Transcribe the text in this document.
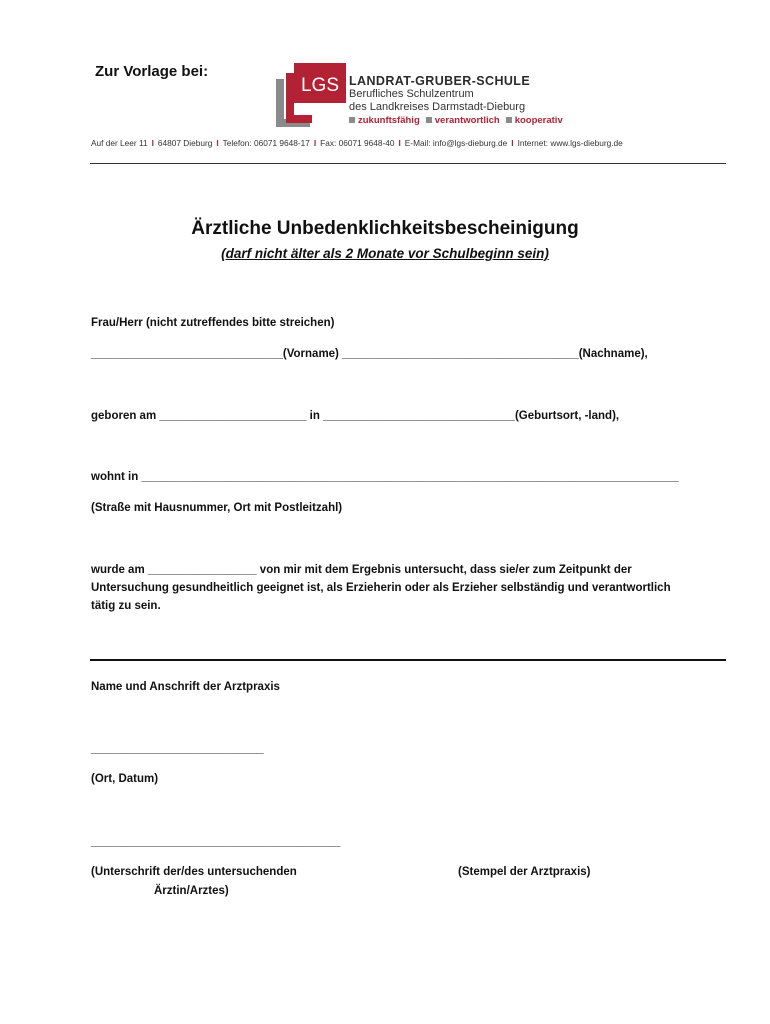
Zur Vorlage bei:
LGS LANDRAT-GRUBER-SCHULE
Berufliches Schulzentrum
des Landkreises Darmstadt-Dieburg
zukunftsfähig	verantwortlich	kooperativ
Auf der Leer 11 I 64807 Dieburg I Telefon: 06071 9648-17 I Fax: 06071 9648-40 I E-Mail: info@lgs-dieburg.de I Internet: www.lgs-dieburg.de
Ärztliche Unbedenklichkeitsbescheinigung
(darf nicht älter als 2 Monate vor Schulbeginn sein)
Frau/Herr (nicht zutreffendes bitte streichen)
______________________________(Vorname) _____________________________________(Nachname),
geboren am _______________________ in ______________________________(Geburtsort, -land),
wohnt in ____________________________________________________________________________________
(Straße mit Hausnummer, Ort mit Postleitzahl)
wurde am _________________ von mir mit dem Ergebnis untersucht, dass sie/er zum Zeitpunkt der
Untersuchung gesundheitlich geeignet ist, als Erzieherin oder als Erzieher selbständig und verantwortlich
tätig zu sein.
Name und Anschrift der Arztpraxis
___________________________
(Ort, Datum)
_______________________________________
(Unterschrift der/des untersuchenden
Ärztin/Arztes)
(Stempel der Arztpraxis)
